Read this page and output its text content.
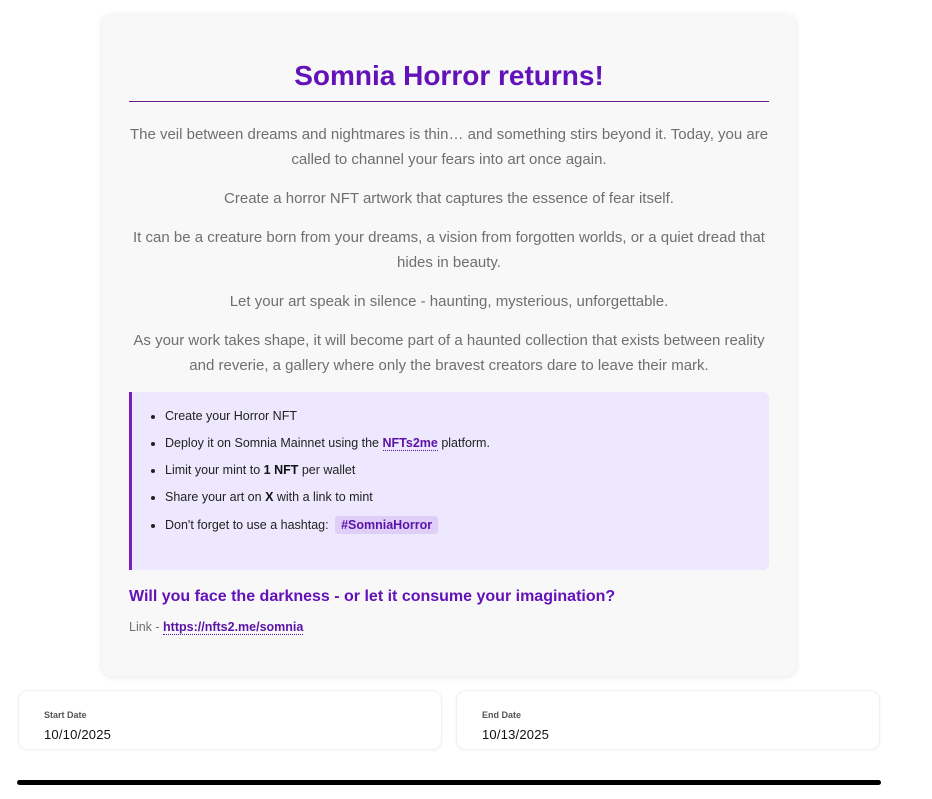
Somnia Horror returns!

The veil between dreams and nightmares is thin… and something stirs beyond it. Today, you are called to channel your fears into art once again.

Create a horror NFT artwork that captures the essence of fear itself.

It can be a creature born from your dreams, a vision from forgotten worlds, or a quiet dread that hides in beauty.

Let your art speak in silence - haunting, mysterious, unforgettable.

As your work takes shape, it will become part of a haunted collection that exists between reality and reverie, a gallery where only the bravest creators dare to leave their mark.

• Create your Horror NFT
• Deploy it on Somnia Mainnet using the NFTs2me platform.
• Limit your mint to 1 NFT per wallet
• Share your art on X with a link to mint
• Don't forget to use a hashtag: #SomniaHorror
Will you face the darkness - or let it consume your imagination?
Link - https://nfts2.me/somnia
Start Date
10/10/2025
End Date
10/13/2025
